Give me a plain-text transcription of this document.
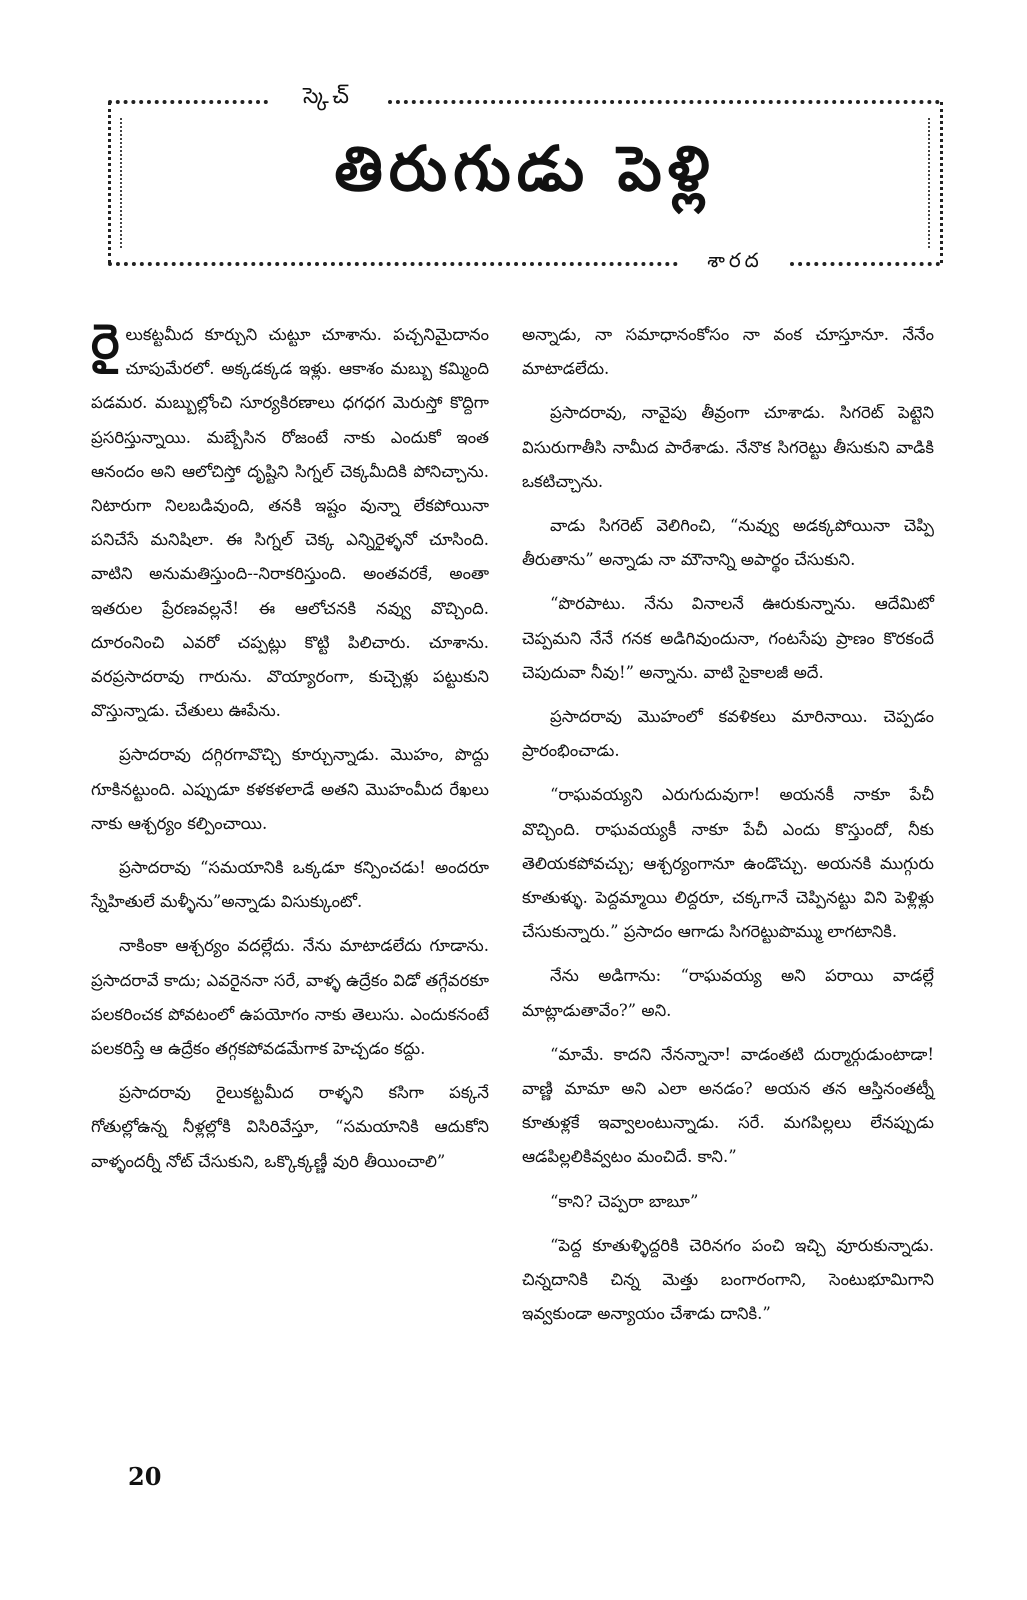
స్కెచ్
తిరుగుడు పెళ్లి
శారద

రైలుకట్టమీద కూర్చుని చుట్టూ చూశాను. పచ్చనిమైదానం చూపుమేరలో. అక్కడక్కడ ఇళ్లు. ఆకాశం మబ్బు కమ్మింది పడమర. మబ్బుల్లోంచి సూర్యకిరణాలు ధగధగ మెరుస్తో కొద్దిగా ప్రసరిస్తున్నాయి. మబ్బేసిన రోజంటే నాకు ఎందుకో ఇంత ఆనందం అని ఆలోచిస్తో దృష్టిని సిగ్నల్ చెక్కమీదికి పోనిచ్చాను. నిటారుగా నిలబడివుంది, తనకి ఇష్టం వున్నా లేకపోయినా పనిచేసే మనిషిలా. ఈ సిగ్నల్ చెక్క ఎన్నిరైళ్ళనో చూసింది. వాటిని అనుమతిస్తుంది--నిరాకరిస్తుంది. అంతవరకే, అంతా ఇతరుల ప్రేరణవల్లనే! ఈ ఆలోచనకి నవ్వు వొచ్చింది. దూరంనించి ఎవరో చప్పట్లు కొట్టి పిలిచారు. చూశాను. వరప్రసాదరావు గారును. వొయ్యారంగా, కుచ్చెళ్లు పట్టుకుని వొస్తున్నాడు. చేతులు ఊపేను.

ప్రసాదరావు దగ్గిరగావొచ్చి కూర్చున్నాడు. మొహం, పొద్దు గూకినట్టుంది. ఎప్పుడూ కళకళలాడే అతని మొహంమీద రేఖలు నాకు ఆశ్చర్యం కల్పించాయి.

ప్రసాదరావు “సమయానికి ఒక్కడూ కన్పించడు! అందరూ స్నేహితులే మళ్ళీను”అన్నాడు విసుక్కుంటో.

నాకింకా ఆశ్చర్యం వదల్లేదు. నేను మాటాడలేదు గూడాను. ప్రసాదరావే కాదు; ఎవరైననా సరే, వాళ్ళ ఉద్రేకం విడో తగ్గేవరకూ పలకరించక పోవటంలో ఉపయోగం నాకు తెలుసు. ఎందుకనంటే పలకరిస్తే ఆ ఉద్రేకం తగ్గకపోవడమేగాక హెచ్చడం కద్దు.

ప్రసాదరావు రైలుకట్టమీద రాళ్ళని కసిగా పక్కనే గోతుల్లోఉన్న నీళ్లల్లోకి విసిరివేస్తూ, “సమయానికి ఆదుకోని వాళ్ళందర్నీ నోట్ చేసుకుని, ఒక్కొక్కణ్ణీ వురి తీయించాలి”

అన్నాడు, నా సమాధానంకోసం నా వంక చూస్తూనూ. నేనేం మాటాడలేదు.

ప్రసాదరావు, నావైపు తీవ్రంగా చూశాడు. సిగరెట్ పెట్టెని విసురుగాతీసి నామీద పారేశాడు. నేనొక సిగరెట్టు తీసుకుని వాడికి ఒకటిచ్చాను.

వాడు సిగరెట్ వెలిగించి, “నువ్వు అడక్కపోయినా చెప్పి తీరుతాను” అన్నాడు నా మౌనాన్ని అపార్థం చేసుకుని.

“పొరపాటు. నేను వినాలనే ఊరుకున్నాను. ఆదేమిటో చెప్పమని నేనే గనక అడిగివుందునా, గంటసేపు ప్రాణం కొరకందే చెపుదువా నీవు!” అన్నాను. వాటి సైకాలజీ అదే.

ప్రసాదరావు మొహంలో కవళికలు మారినాయి. చెప్పడం ప్రారంభించాడు.

“రాఘవయ్యని ఎరుగుదువుగా! అయనకీ నాకూ పేచీ వొచ్చింది. రాఘవయ్యకీ నాకూ పేచీ ఎందు కొస్తుందో, నీకు తెలియకపోవచ్చు; ఆశ్చర్యంగానూ ఉండొచ్చు. అయనకి ముగ్గురు కూతుళ్ళు. పెద్దమ్మాయి లిద్దరూ, చక్కగానే చెప్పినట్టు విని పెళ్లిళ్లు చేసుకున్నారు.” ప్రసాదం ఆగాడు సిగరెట్టుపొమ్ము లాగటానికి.

నేను అడిగాను: “రాఘవయ్య అని పరాయి వాడల్లే మాట్లాడుతావేం?” అని.

“మామే. కాదని నేనన్నానా! వాడంతటి దుర్మార్గుడుంటాడా! వాణ్ణి మామా అని ఎలా అనడం? అయన తన ఆస్తినంతట్నీ కూతుళ్లకే ఇవ్వాలంటున్నాడు. సరే. మగపిల్లలు లేనప్పుడు ఆడపిల్లలికివ్వటం మంచిదే. కాని.”

“కాని? చెప్పరా బాబూ”

“పెద్ద కూతుళ్ళిద్దరికి చెరినగం పంచి ఇచ్చి వూరుకున్నాడు. చిన్నదానికి చిన్న మెత్తు బంగారంగాని, సెంటుభూమిగాని ఇవ్వకుండా అన్యాయం చేశాడు దానికి.”

20
